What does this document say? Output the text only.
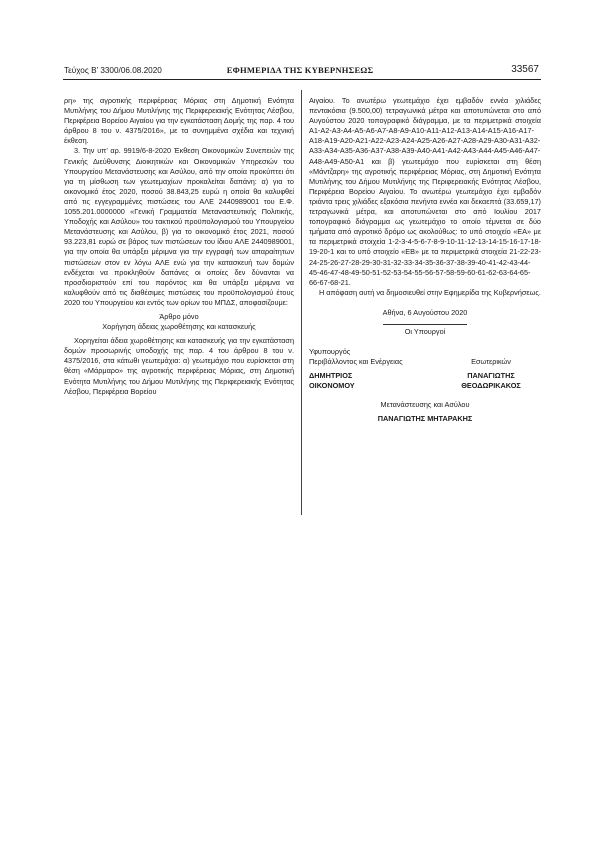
Τεύχος Β’ 3300/06.08.2020	ΕΦΗΜΕΡΙΔΑ ΤΗΣ ΚΥΒΕΡΝΗΣΕΩΣ	33567

ρη» της αγροτικής περιφέρειας Μόριας στη Δημοτική Ενότητα Μυτιλήνης του Δήμου Μυτιλήνης της Περιφερειακής Ενότητας Λέσβου, Περιφέρεια Βορείου Αιγαίου για την εγκατάσταση Δομής της παρ. 4 του άρθρου 8 του ν. 4375/2016», με τα συνημμένα σχέδια και τεχνική έκθεση.

3. Την υπ’ αρ. 9919/6-8-2020 Έκθεση Οικονομικών Συνεπειών της Γενικής Διεύθυνσης Διοικητικών και Οικονομικών Υπηρεσιών του Υπουργείου Μετανάστευσης και Ασύλου, από την οποία προκύπτει ότι για τη μίσθωση των γεωτεμαχίων προκαλείται δαπάνη: α) για το οικονομικό έτος 2020, ποσού 38.843,25 ευρώ η οποία θα καλυφθεί από τις εγγεγραμμένες πιστώσεις του ΑΛΕ 2440989001 του Ε.Φ. 1055.201.0000000 «Γενική Γραμματεία Μεταναστευτικής Πολιτικής, Υποδοχής και Ασύλου» του τακτικού προϋπολογισμού του Υπουργείου Μετανάστευσης και Ασύλου, β) για το οικονομικό έτος 2021, ποσού 93.223,81 ευρώ σε βάρος των πιστώσεων του ίδιου ΑΛΕ 2440989001, για την οποία θα υπάρξει μέριμνα για την εγγραφή των απαραίτητων πιστώσεων στον εν λόγω ΑΛΕ ενώ για την κατασκευή των δομών ενδέχεται να προκληθούν δαπάνες οι οποίες δεν δύνανται να προσδιοριστούν επί του παρόντος και θα υπάρξει μέριμνα να καλυφθούν από τις διαθέσιμες πιστώσεις του προϋπολογισμού έτους 2020 του Υπουργείου και εντός των ορίων του ΜΠΔΣ, αποφασίζουμε:

Άρθρο μόνο

Χορήγηση άδειας χωροθέτησης και κατασκευής

Χορηγείται άδεια χωροθέτησης και κατασκευής για την εγκατάσταση δομών προσωρινής υποδοχής της παρ. 4 του άρθρου 8 του ν. 4375/2016, στα κάτωθι γεωτεμάχια: α) γεωτεμάχιο που ευρίσκεται στη θέση «Μάρμαρο» της αγροτικής περιφέρειας Μόριας, στη Δημοτική Ενότητα Μυτιλήνης του Δήμου Μυτιλήνης της Περιφερειακής Ενότητας Λέσβου, Περιφέρεια Βορείου

Αιγαίου. Το ανωτέρω γεωτεμάχιο έχει εμβαδόν εννέα χιλιάδες πεντακόσια (9.500,00) τετραγωνικά μέτρα και αποτυπώνεται στο από Αυγούστου 2020 τοπογραφικό διάγραμμα, με τα περιμετρικά στοιχεία Α1-Α2-Α3-Α4-Α5-Α6-Α7-Α8-Α9-Α10-Α11-Α12-Α13-Α14-Α15-Α16-Α17-Α18-Α19-Α20-Α21-Α22-Α23-Α24-Α25-Α26-Α27-Α28-Α29-Α30-Α31-Α32-Α33-Α34-Α35-Α36-Α37-Α38-Α39-Α40-Α41-Α42-Α43-Α44-Α45-Α46-Α47-Α48-Α49-Α50-Α1 και β) γεωτεμάχιο που ευρίσκεται στη θέση «Μάντζαρη» της αγροτικής περιφέρειας Μόριας, στη Δημοτική Ενότητα Μυτιλήνης του Δήμου Μυτιλήνης της Περιφερειακής Ενότητας Λέσβου, Περιφέρεια Βορείου Αιγαίου. Το ανωτέρω γεωτεμάχιο έχει εμβαδόν τριάντα τρεις χιλιάδες εξακόσια πενήντα εννέα και δεκαεπτά (33.659,17) τετραγωνικά μέτρα, και αποτυπώνεται στο από Ιουλίου 2017 τοπογραφικό διάγραμμα ως γεωτεμάχιο το οποίο τέμνεται σε δύο τμήματα από αγροτικό δρόμο ως ακολούθως: το υπό στοιχείο «ΕΑ» με τα περιμετρικά στοιχεία 1-2-3-4-5-6-7-8-9-10-11-12-13-14-15-16-17-18-19-20-1 και το υπό στοιχείο «ΕΒ» με τα περιμετρικά στοιχεία 21-22-23-24-25-26-27-28-29-30-31-32-33-34-35-36-37-38-39-40-41-42-43-44-45-46-47-48-49-50-51-52-53-54-55-56-57-58-59-60-61-62-63-64-65-66-67-68-21.

Η απόφαση αυτή να δημοσιευθεί στην Εφημερίδα της Κυβερνήσεως.

Αθήνα, 6 Αυγούστου 2020

Οι Υπουργοί
Υφυπουργός
Περιβάλλοντος και Ενέργειας
ΔΗΜΗΤΡΙΟΣ
ΟΙΚΟΝΟΜΟΥ
Εσωτερικών
ΠΑΝΑΓΙΩΤΗΣ
ΘΕΟΔΩΡΙΚΑΚΟΣ
Μετανάστευσης και Ασύλου
ΠΑΝΑΓΙΩΤΗΣ ΜΗΤΑΡΑΚΗΣ
